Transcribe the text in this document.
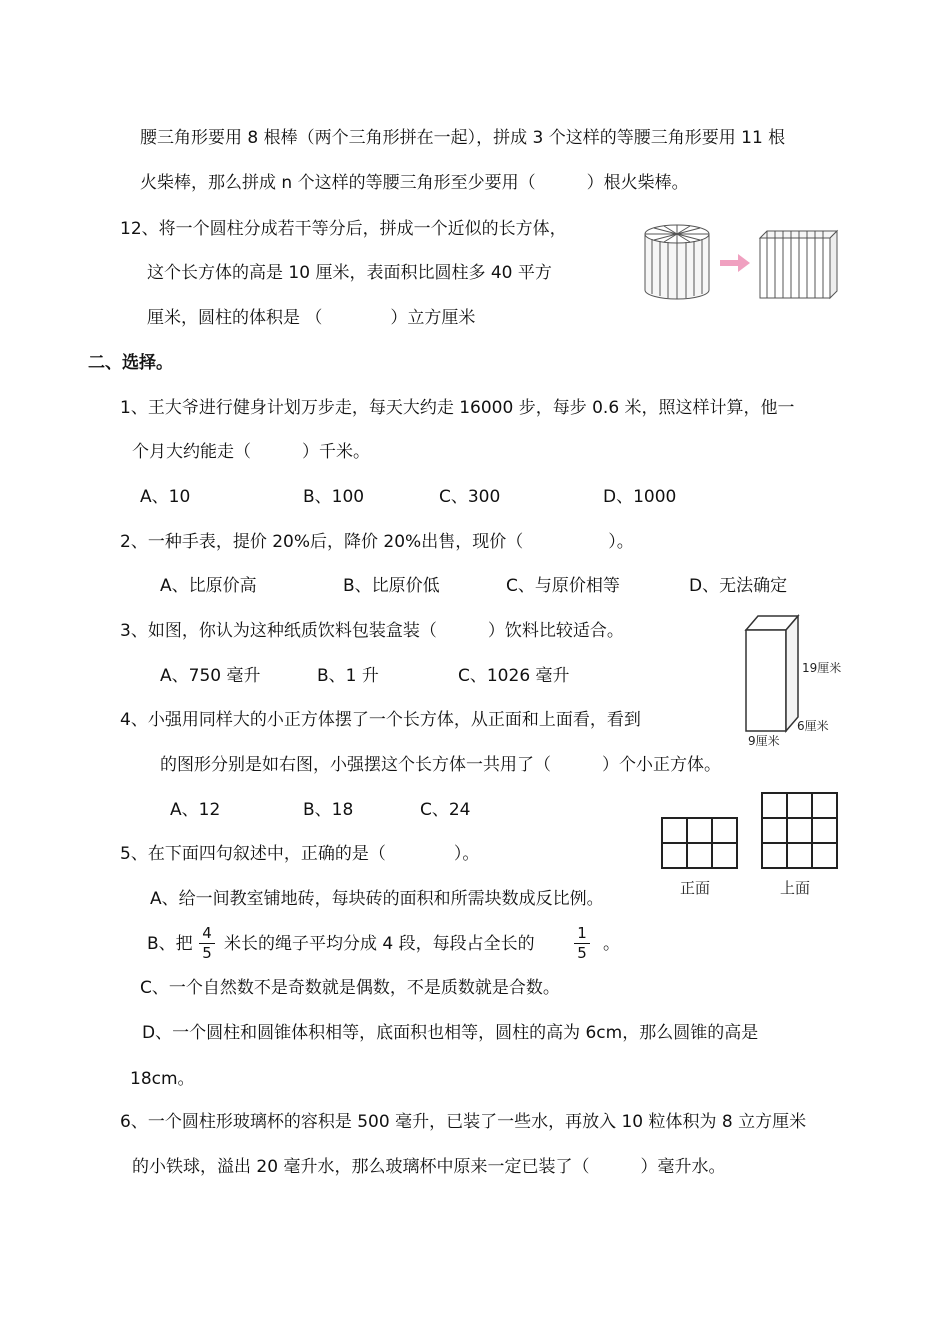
腰三角形要用 8 根棒（两个三角形拼在一起），拼成 3 个这样的等腰三角形要用 11 根
火柴棒，那么拼成 n 个这样的等腰三角形至少要用（　　　）根火柴棒。
12、将一个圆柱分成若干等分后，拼成一个近似的长方体，
这个长方体的高是 10 厘米，表面积比圆柱多 40 平方
厘米，圆柱的体积是 （　　　　）立方厘米
二、选择。
1、王大爷进行健身计划万步走，每天大约走 16000 步，每步 0.6 米，照这样计算，他一
个月大约能走（　　　）千米。
A、10	B、100	C、300	D、1000
2、一种手表，提价 20%后，降价 20%出售，现价（　　　　　）。
A、比原价高	B、比原价低	C、与原价相等	D、无法确定
3、如图，你认为这种纸质饮料包装盒装（　　　）饮料比较适合。
A、750 毫升	B、1 升	C、1026 毫升	19厘米
6厘米
9厘米
4、小强用同样大的小正方体摆了一个长方体，从正面和上面看，看到
的图形分别是如右图，小强摆这个长方体一共用了（　　　）个小正方体。
A、12	B、18	C、24
正面	上面
5、在下面四句叙述中，正确的是（　　　　）。
A、给一间教室铺地砖，每块砖的面积和所需块数成反比例。
B、把
4
5 米长的绳子平均分成 4 段，每段占全长的
1
5 。
C、一个自然数不是奇数就是偶数，不是质数就是合数。
D、一个圆柱和圆锥体积相等，底面积也相等，圆柱的高为 6cm，那么圆锥的高是
18cm。
6、一个圆柱形玻璃杯的容积是 500 毫升，已装了一些水，再放入 10 粒体积为 8 立方厘米
的小铁球，溢出 20 毫升水，那么玻璃杯中原来一定已装了（　　　）毫升水。
